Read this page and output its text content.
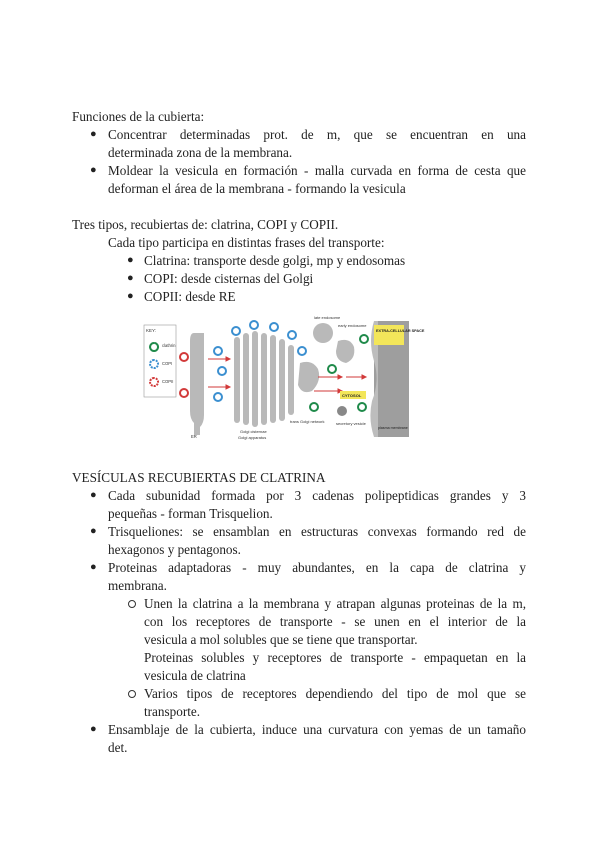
Funciones de la cubierta:
● Concentrar determinadas prot. de m, que se encuentran en una
determinada zona de la membrana.
● Moldear la vesicula en formación - malla curvada en forma de cesta que
deforman el área de la membrana - formando la vesicula
Tres tipos, recubiertas de: clatrina, COPI y COPII.
Cada tipo participa en distintas frases del transporte:
● Clatrina: transporte desde golgi, mp y endosomas
● COPI: desde cisternas del Golgi
● COPII: desde RE
KEY:
clathrin
COPI
COPII
ER
late endosome
early endosome
secretory vesicle
EXTRA-CELLULAR SPACE
CYTOSOL
plasma membrane
trans Golgi network
Golgi cisternae
Golgi apparatus
VESÍCULAS RECUBIERTAS DE CLATRINA
● Cada subunidad formada por 3 cadenas polipeptidicas grandes y 3
pequeñas - forman Trisquelion.
● Trisqueliones: se ensamblan en estructuras convexas formando red de
hexagonos y pentagonos.
● Proteinas adaptadoras - muy abundantes, en la capa de clatrina y
membrana.
Unen la clatrina a la membrana y atrapan algunas proteinas de la m,
con los receptores de transporte - se unen en el interior de la
vesicula a mol solubles que se tiene que transportar.
Proteinas solubles y receptores de transporte - empaquetan en la
vesicula de clatrina
Varios tipos de receptores dependiendo del tipo de mol que se
transporte.
● Ensamblaje de la cubierta, induce una curvatura con yemas de un tamaño
det.
